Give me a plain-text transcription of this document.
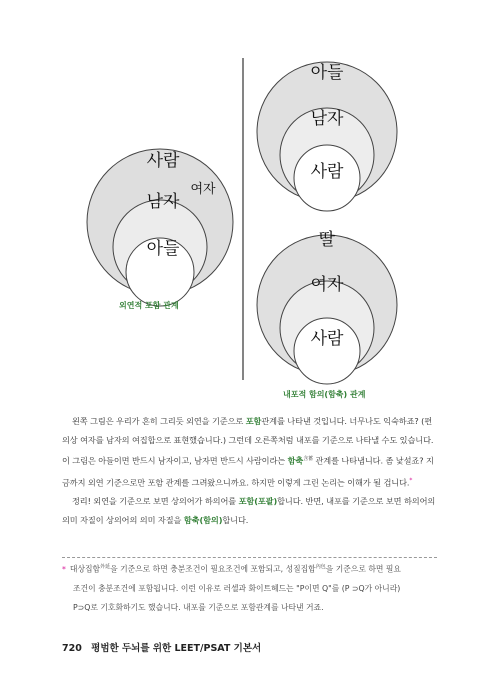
사람
여자
남자
아들
아들
남자
사람
딸
여자
사람
외연적 포함 관계
내포적 함의(함축) 관계

왼쪽 그림은 우리가 흔히 그리듯 외연을 기준으로 포함관계를 나타낸 것입니다. 너무나도 익숙하죠? (편의상 여자를 남자의 여집합으로 표현했습니다.) 그런데 오른쪽처럼 내포를 기준으로 나타낼 수도 있습니다. 이 그림은 아들이면 반드시 남자이고, 남자면 반드시 사람이라는 함축$^{含蓄}$ 관계를 나타냅니다. 좀 낯설죠? 지금까지 외연 기준으로만 포함 관계를 그려왔으니까요. 하지만 이렇게 그린 논리는 이해가 될 겁니다.*

정리! 외연을 기준으로 보면 상의어가 하의어를 포함(포괄)합니다. 반면, 내포를 기준으로 보면 하의어의 의미 자질이 상의어의 의미 자질을 함축(함의)합니다.

* 대상집합$^{外延}$을 기준으로 하면 충분조건이 필요조건에 포함되고, 성질집합$^{內包}$을 기준으로 하면 필요
조건이 충분조건에 포함됩니다. 이런 이유로 러셀과 화이트헤드는 "P이면 Q"를 (P ⊃Q가 아니라)
P⊃Q로 기호화하기도 했습니다. 내포를 기준으로 포함관계를 나타낸 거죠.
720 평범한 두뇌를 위한 LEET/PSAT 기본서
